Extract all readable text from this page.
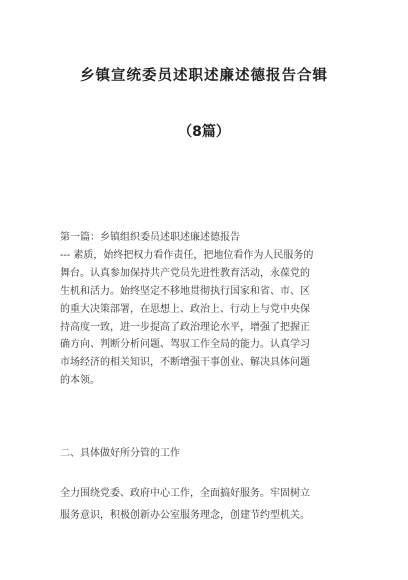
乡镇宣统委员述职述廉述德报告合辑
（8篇）

第一篇：乡镇组织委员述职述廉述德报告
--- 素质，始终把权力看作责任，把地位看作为人民服务的
舞台。认真参加保持共产党员先进性教育活动，永葆党的
生机和活力。始终坚定不移地贯彻执行国家和省、市、区
的重大决策部署，在思想上、政治上、行动上与党中央保
持高度一致，进一步提高了政治理论水平，增强了把握正
确方向、判断分析问题、驾驭工作全局的能力。认真学习
市场经济的相关知识，不断增强干事创业、解决具体问题
的本领。

二、具体做好所分管的工作
全力围绕党委、政府中心工作，全面搞好服务。牢固树立
服务意识，积极创新办公室服务理念，创建节约型机关。
